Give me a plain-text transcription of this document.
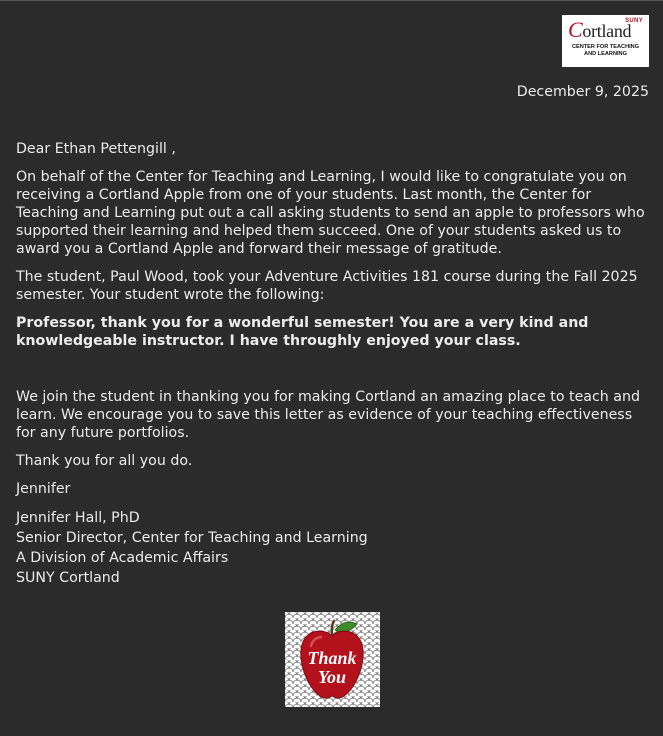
SUNY
Cortland
CENTER FOR TEACHING
AND LEARNING
December 9, 2025

Dear Ethan Pettengill ,

On behalf of the Center for Teaching and Learning, I would like to congratulate you on receiving a Cortland Apple from one of your students. Last month, the Center for Teaching and Learning put out a call asking students to send an apple to professors who supported their learning and helped them succeed. One of your students asked us to award you a Cortland Apple and forward their message of gratitude.

The student, Paul Wood, took your Adventure Activities 181 course during the Fall 2025 semester. Your student wrote the following:

Professor, thank you for a wonderful semester! You are a very kind and knowledgeable instructor. I have throughly enjoyed your class.

We join the student in thanking you for making Cortland an amazing place to teach and learn. We encourage you to save this letter as evidence of your teaching effectiveness for any future portfolios.

Thank you for all you do.

Jennifer

Jennifer Hall, PhD
Senior Director, Center for Teaching and Learning
A Division of Academic Affairs
SUNY Cortland
Thank
You
